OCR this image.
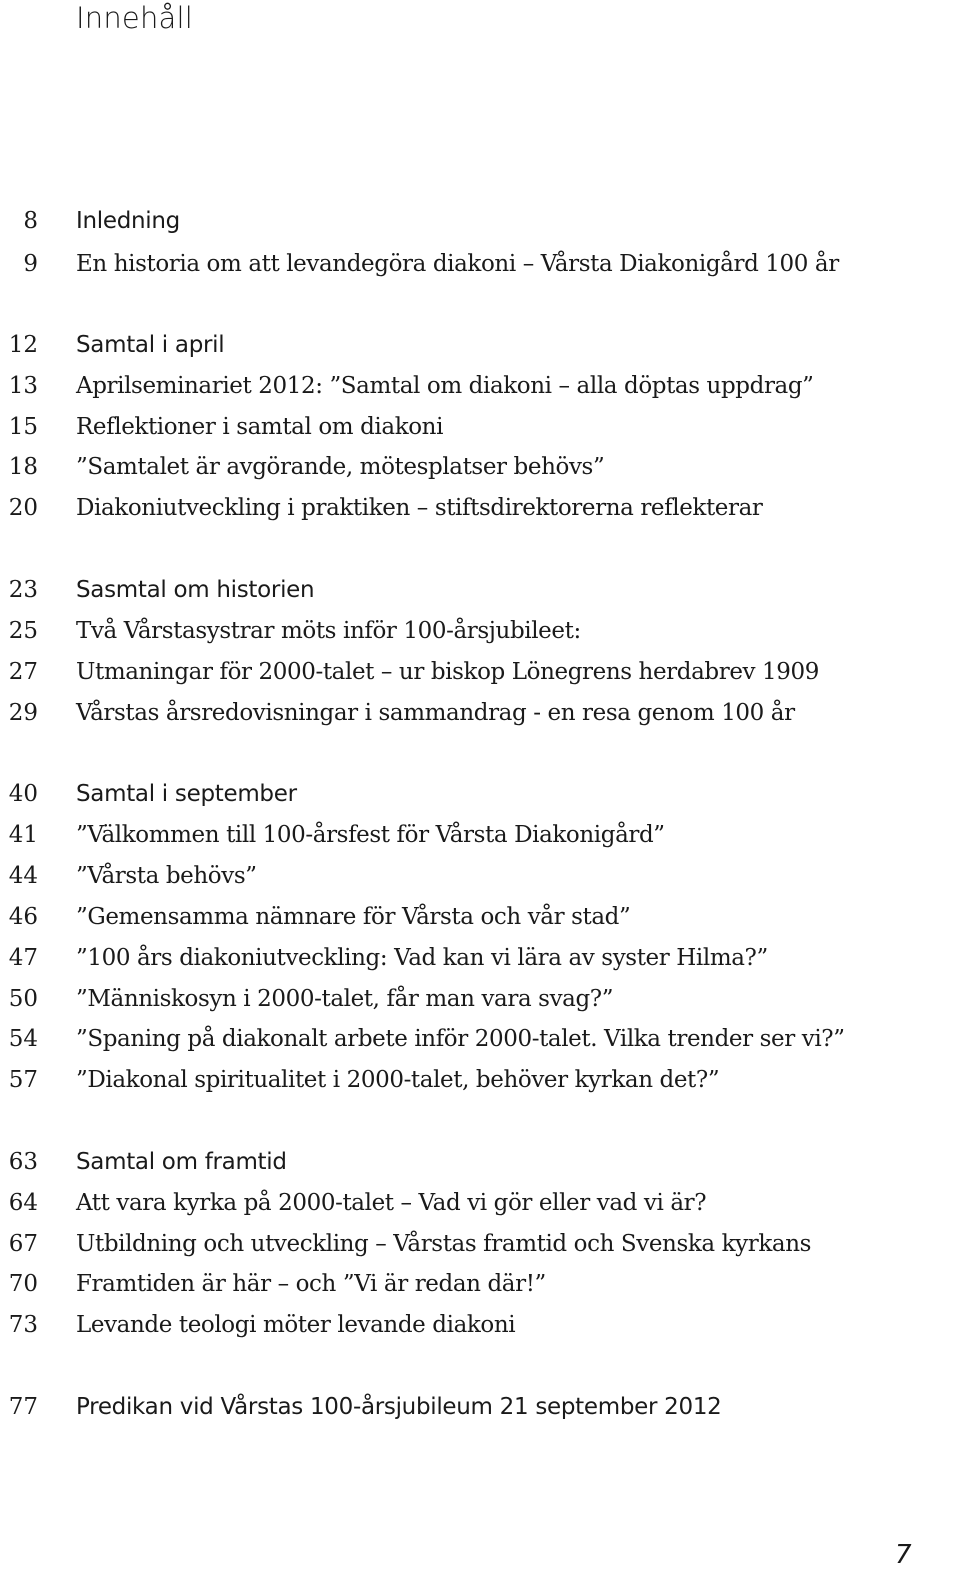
Innehåll
8 Inledning
9 En historia om att levandegöra diakoni – Vårsta Diakonigård 100 år
12 Samtal i april
13 Aprilseminariet 2012: ”Samtal om diakoni – alla döptas uppdrag”
15 Reflektioner i samtal om diakoni
18 ”Samtalet är avgörande, mötesplatser behövs”
20 Diakoniutveckling i praktiken – stiftsdirektorerna reflekterar
23 Sasmtal om historien
25 Två Vårstasystrar möts inför 100-årsjubileet:
27 Utmaningar för 2000-talet – ur biskop Lönegrens herdabrev 1909
29 Vårstas årsredovisningar i sammandrag - en resa genom 100 år
40 Samtal i september
41 ”Välkommen till 100-årsfest för Vårsta Diakonigård”
44 ”Vårsta behövs”
46 ”Gemensamma nämnare för Vårsta och vår stad”
47 ”100 års diakoniutveckling: Vad kan vi lära av syster Hilma?”
50 ”Människosyn i 2000-talet, får man vara svag?”
54 ”Spaning på diakonalt arbete inför 2000-talet. Vilka trender ser vi?”
57 ”Diakonal spiritualitet i 2000-talet, behöver kyrkan det?”
63 Samtal om framtid
64 Att vara kyrka på 2000-talet – Vad vi gör eller vad vi är?
67 Utbildning och utveckling – Vårstas framtid och Svenska kyrkans
70 Framtiden är här – och ”Vi är redan där!”
73 Levande teologi möter levande diakoni
77 Predikan vid Vårstas 100-årsjubileum 21 september 2012
7
